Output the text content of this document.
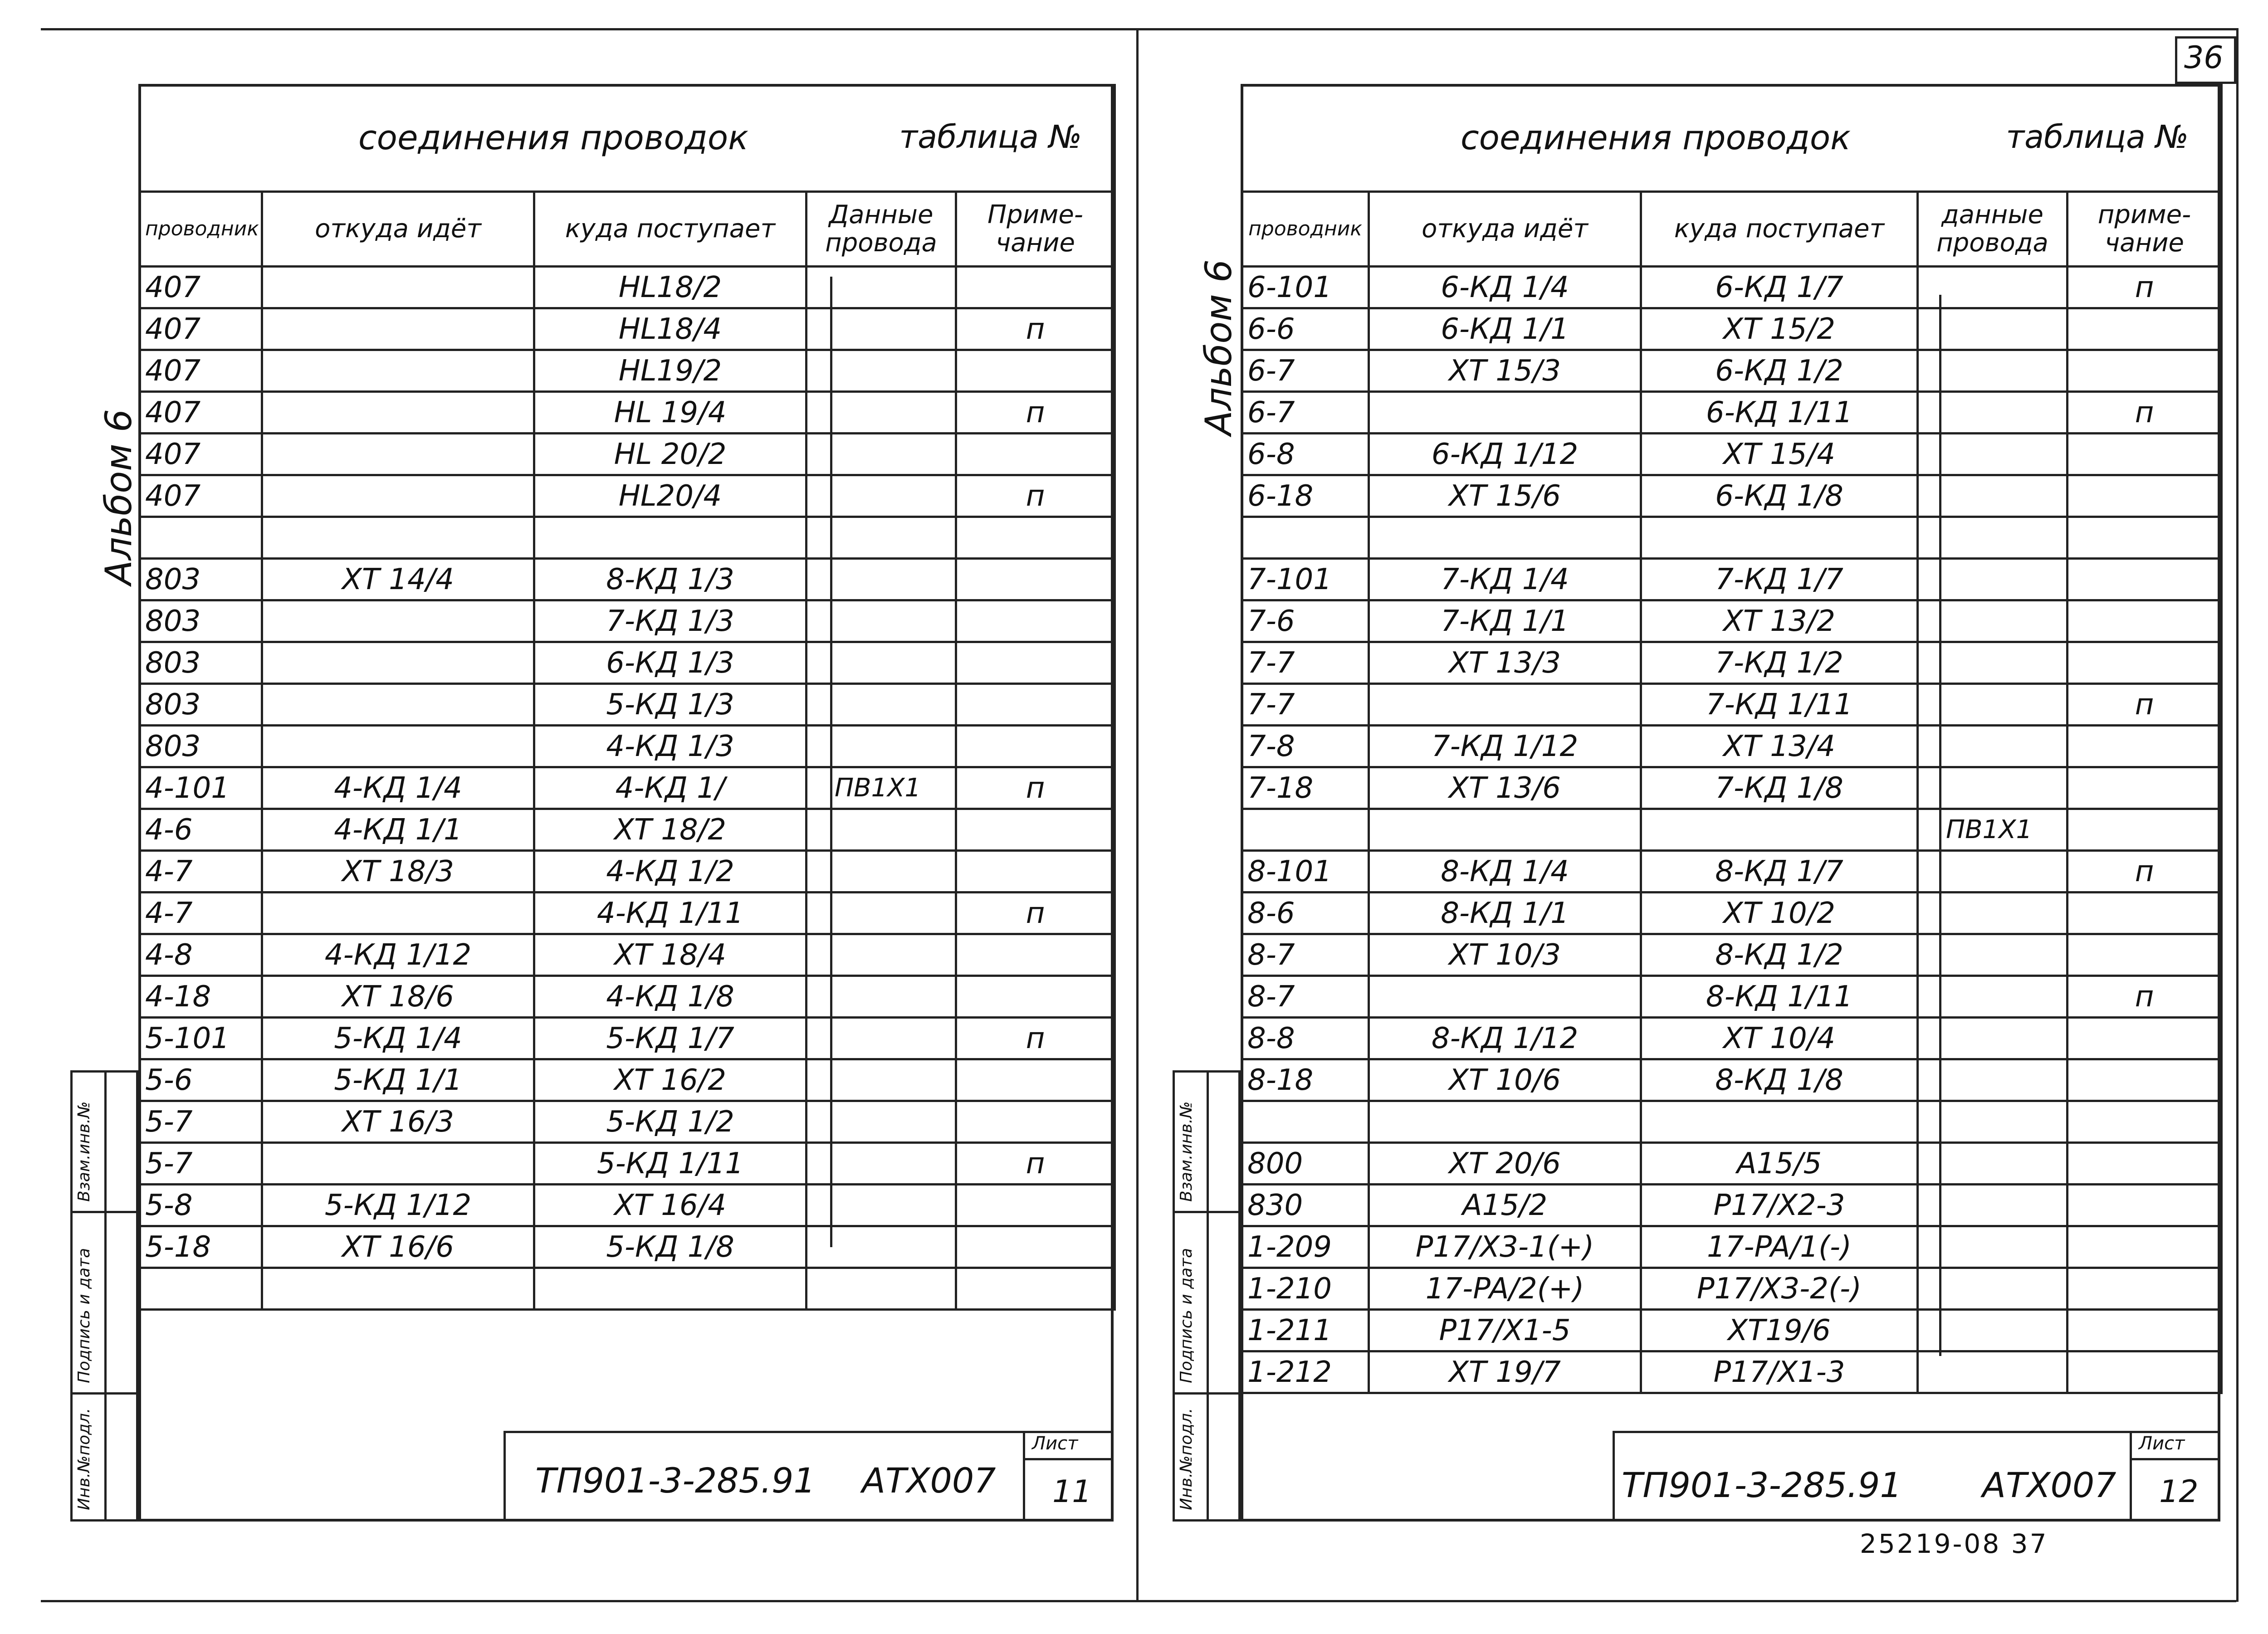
Альбом 6
соединения проводок таблица №				

проводник	откуда идёт	куда поступает	Данные провода	Приме-чание
407		HL18/2		
407		HL18/4		п
407		HL19/2		
407		HL 19/4		п
407		HL 20/2		
407		HL20/4		п

803	XT 14/4	8-КД 1/3		
803		7-КД 1/3		
803		6-КД 1/3		
803		5-КД 1/3		
803		4-КД 1/3		
4-101	4-КД 1/4	4-КД 1/	ПВ1Х1	п
4-6	4-КД 1/1	XT 18/2		
4-7	XT 18/3	4-КД 1/2		
4-7		4-КД 1/11		п
4-8	4-КД 1/12	XT 18/4		
4-18	XT 18/6	4-КД 1/8		
5-101	5-КД 1/4	5-КД 1/7		п
5-6	5-КД 1/1	XT 16/2		
5-7	XT 16/3	5-КД 1/2		
5-7		5-КД 1/11		п
5-8	5-КД 1/12	XT 16/4		
5-18	XT 16/6	5-КД 1/8		

Инв.№подл.
Подпись и дата
Взам.инв.№
ТП901-3-285.91 АТХ007
Лист
11
36
Альбом 6
соединения проводок таблица №				

проводник	откуда идёт	куда поступает	данные провода	приме-чание
6-101	6-КД 1/4	6-КД 1/7		п
6-6	6-КД 1/1	XT 15/2		
6-7	XT 15/3	6-КД 1/2		
6-7		6-КД 1/11		п
6-8	6-КД 1/12	XT 15/4		
6-18	XT 15/6	6-КД 1/8		

7-101	7-КД 1/4	7-КД 1/7		
7-6	7-КД 1/1	XT 13/2		
7-7	XT 13/3	7-КД 1/2		
7-7		7-КД 1/11		п
7-8	7-КД 1/12	XT 13/4		
7-18	XT 13/6	7-КД 1/8		
			ПВ1Х1	
8-101	8-КД 1/4	8-КД 1/7		п
8-6	8-КД 1/1	XT 10/2		
8-7	XT 10/3	8-КД 1/2		
8-7		8-КД 1/11		п
8-8	8-КД 1/12	XT 10/4		
8-18	XT 10/6	8-КД 1/8		

800	XT 20/6	A15/5		
830	A15/2	P17/X2-3		
1-209	P17/X3-1(+)	17-PA/1(-)		
1-210	17-PA/2(+)	P17/X3-2(-)		
1-211	P17/X1-5	XT19/6		
1-212	XT 19/7	P17/X1-3		
Инв.№подл.
Подпись и дата
Взам.инв.№
ТП901-3-285.91 АТХ007
Лист
12
25219-08 37
